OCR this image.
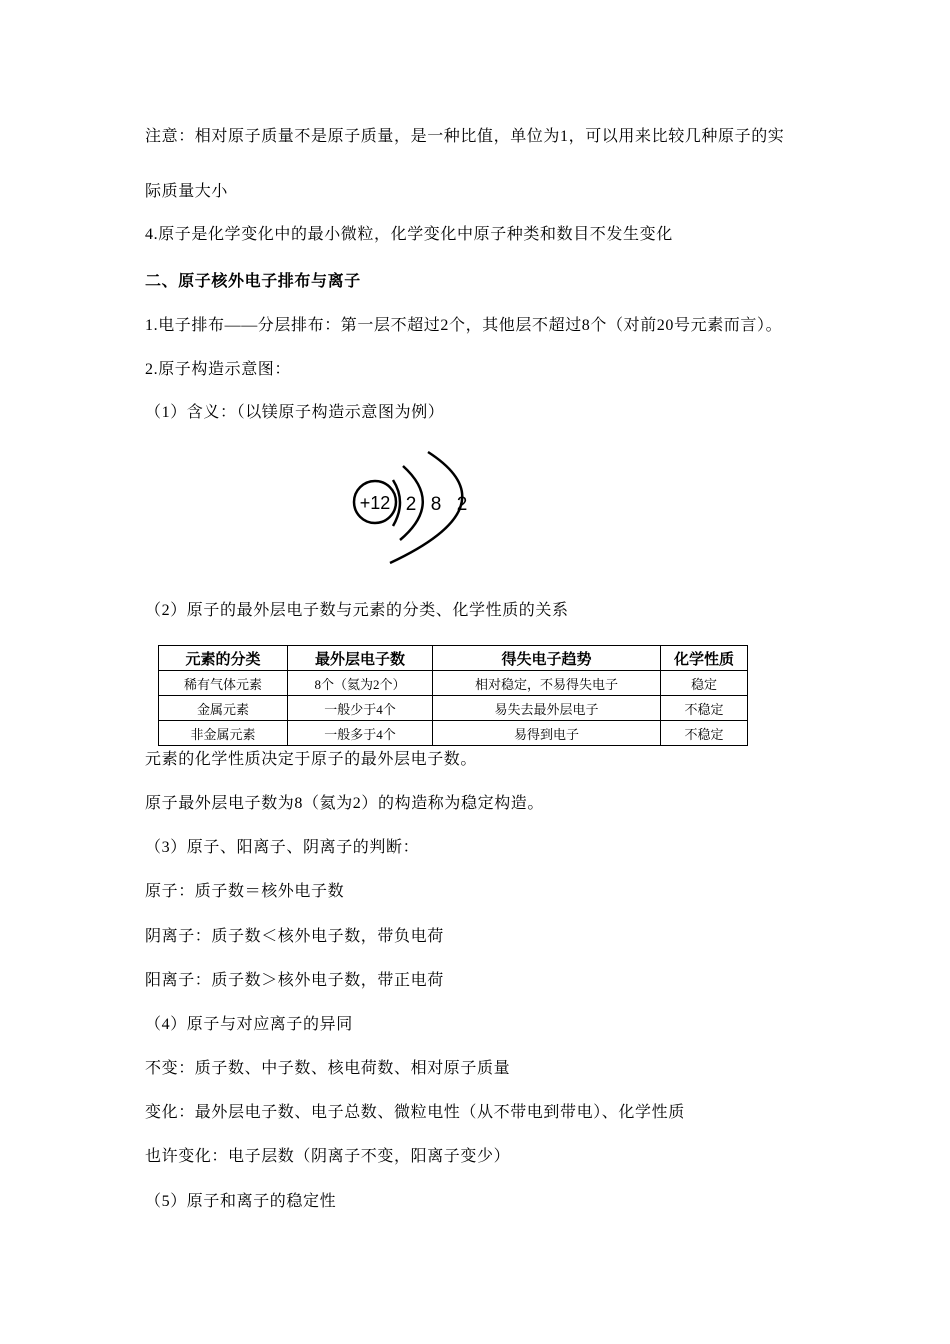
注意：相对原子质量不是原子质量，是一种比值，单位为1，可以用来比较几种原子的实
际质量大小
4.原子是化学变化中的最小微粒，化学变化中原子种类和数目不发生变化
二、原子核外电子排布与离子
1.电子排布——分层排布：第一层不超过2个，其他层不超过8个（对前20号元素而言）。
2.原子构造示意图：
（1）含义：（以镁原子构造示意图为例）
+12 2 8 2
（2）原子的最外层电子数与元素的分类、化学性质的关系
元素的分类	最外层电子数	得失电子趋势	化学性质
稀有气体元素	8个（氦为2个）	相对稳定，不易得失电子	稳定
金属元素	一般少于4个	易失去最外层电子	不稳定
非金属元素	一般多于4个	易得到电子	不稳定
元素的化学性质决定于原子的最外层电子数。
原子最外层电子数为8（氦为2）的构造称为稳定构造。
（3）原子、阳离子、阴离子的判断：
原子：质子数＝核外电子数
阴离子：质子数＜核外电子数，带负电荷
阳离子：质子数＞核外电子数，带正电荷
（4）原子与对应离子的异同
不变：质子数、中子数、核电荷数、相对原子质量
变化：最外层电子数、电子总数、微粒电性（从不带电到带电）、化学性质
也许变化：电子层数（阴离子不变，阳离子变少）
（5）原子和离子的稳定性
